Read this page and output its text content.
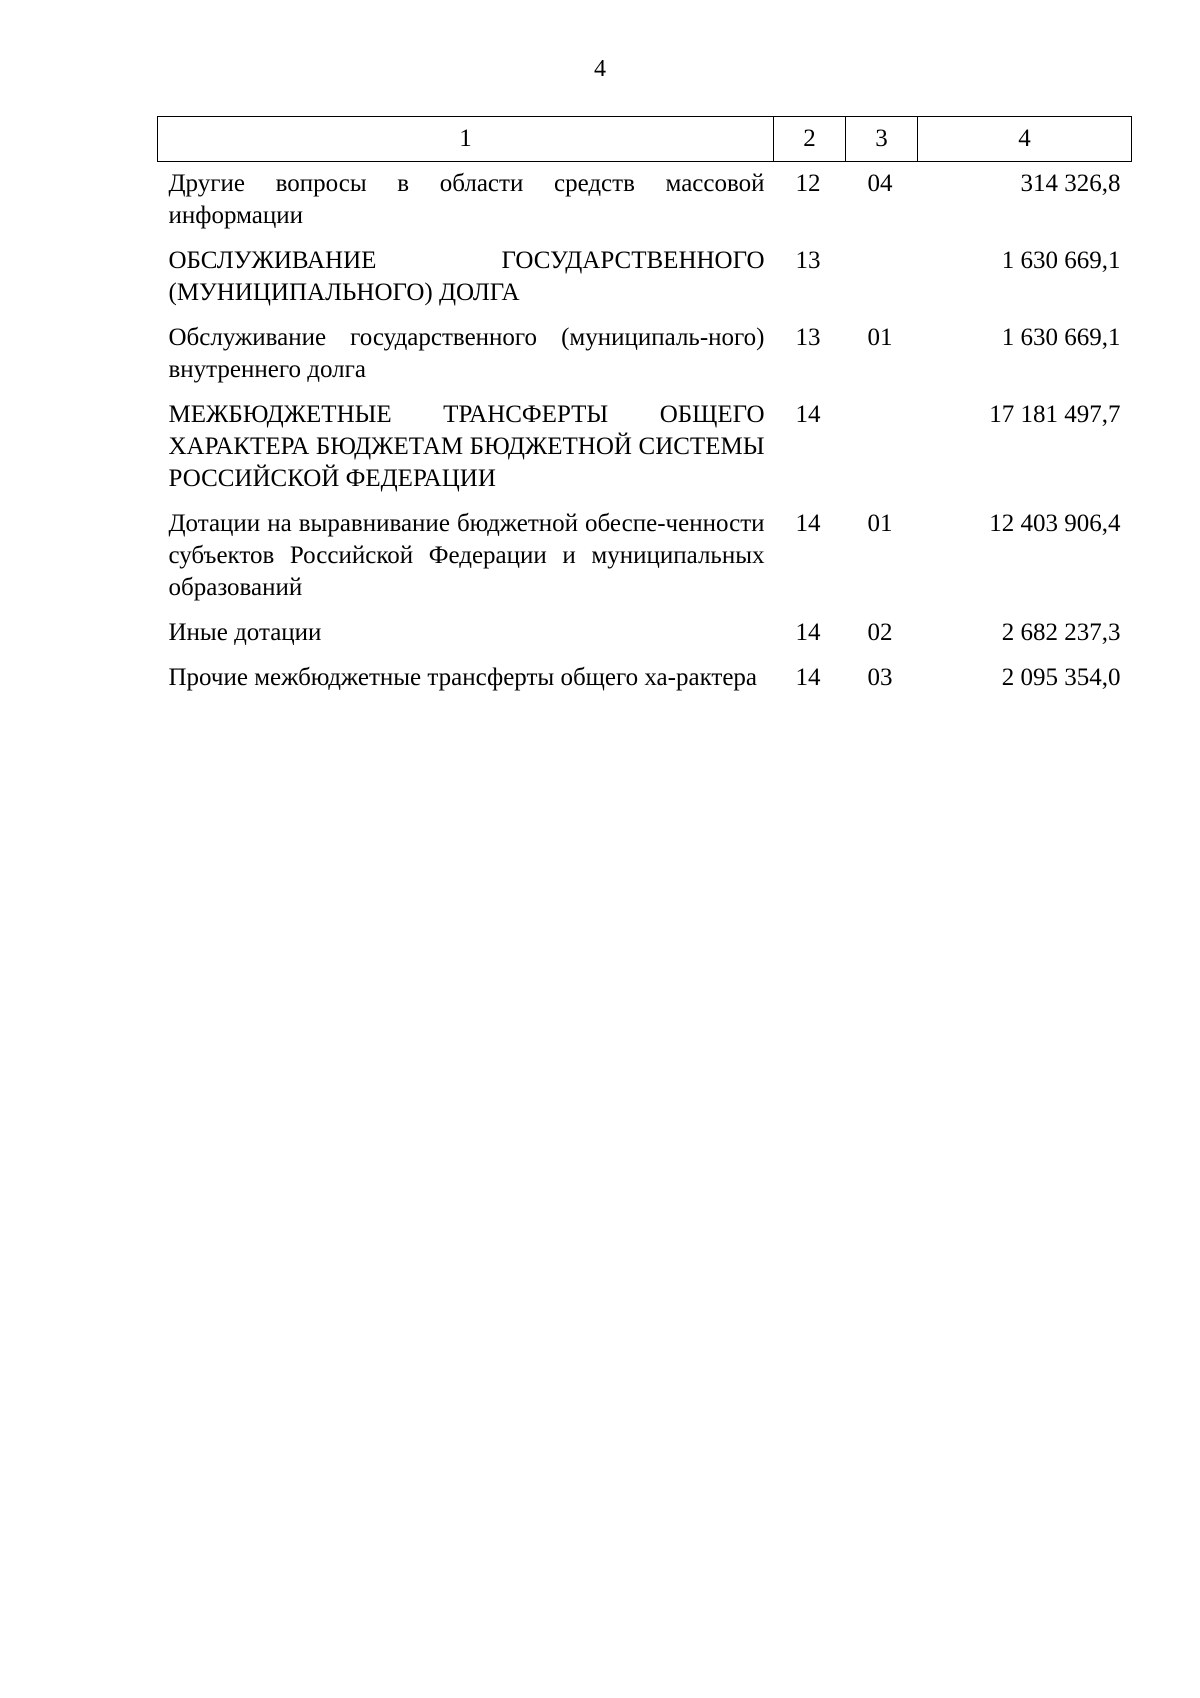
4
1	2	3	4
Другие вопросы в области средств массовой информации	12	04	314 326,8
ОБСЛУЖИВАНИЕ ГОСУДАРСТВЕННОГО (МУНИЦИПАЛЬНОГО) ДОЛГА	13		1 630 669,1
Обслуживание государственного (муниципаль-ного) внутреннего долга	13	01	1 630 669,1
МЕЖБЮДЖЕТНЫЕ ТРАНСФЕРТЫ ОБЩЕГО ХАРАКТЕРА БЮДЖЕТАМ БЮДЖЕТНОЙ СИСТЕМЫ РОССИЙСКОЙ ФЕДЕРАЦИИ	14		17 181 497,7
Дотации на выравнивание бюджетной обеспе-ченности субъектов Российской Федерации и муниципальных образований	14	01	12 403 906,4
Иные дотации	14	02	2 682 237,3
Прочие межбюджетные трансферты общего ха-рактера	14	03	2 095 354,0
